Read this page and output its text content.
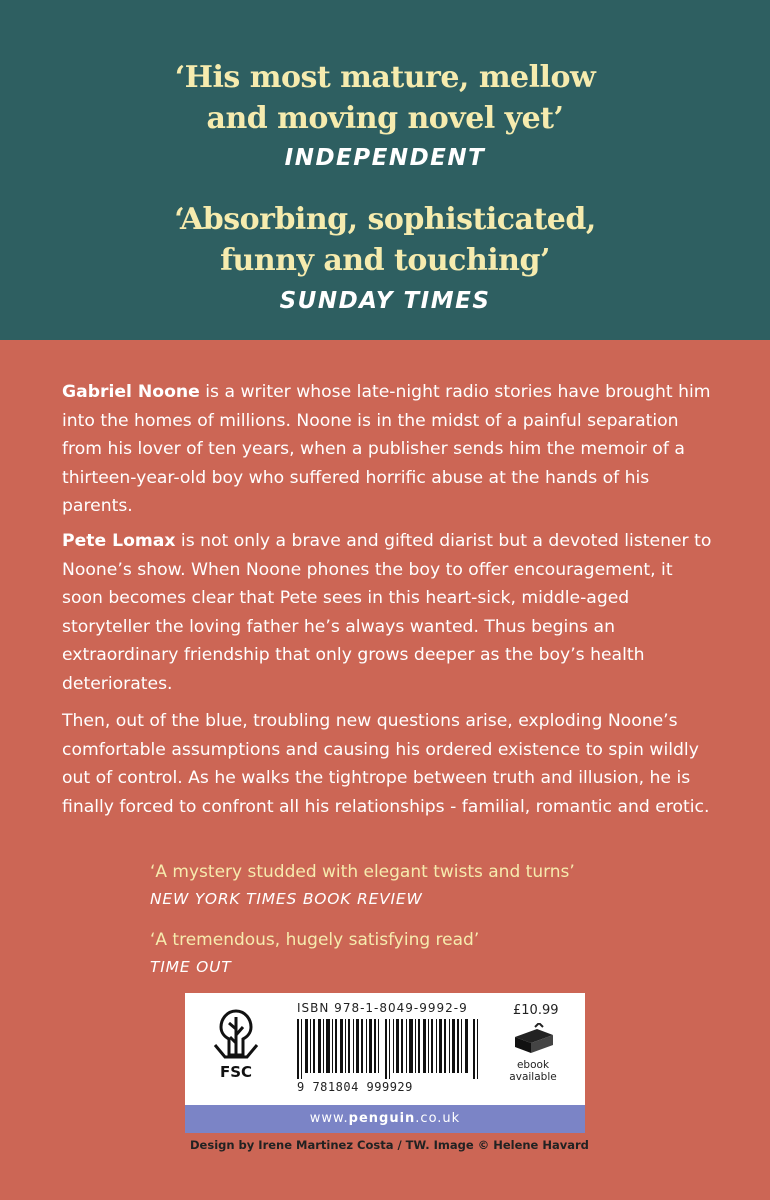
‘His most mature, mellow
and moving novel yet’
INDEPENDENT
‘Absorbing, sophisticated,
funny and touching’
SUNDAY TIMES
Gabriel Noone is a writer whose late-night radio stories have brought him into the homes of millions. Noone is in the midst of a painful separation from his lover of ten years, when a publisher sends him the memoir of a thirteen-year-old boy who suffered horrific abuse at the hands of his parents.
Pete Lomax is not only a brave and gifted diarist but a devoted listener to Noone’s show. When Noone phones the boy to offer encouragement, it soon becomes clear that Pete sees in this heart-sick, middle-aged storyteller the loving father he’s always wanted. Thus begins an extraordinary friendship that only grows deeper as the boy’s health deteriorates.
Then, out of the blue, troubling new questions arise, exploding Noone’s comfortable assumptions and causing his ordered existence to spin wildly out of control. As he walks the tightrope between truth and illusion, he is finally forced to confront all his relationships - familial, romantic and erotic.
‘A mystery studded with elegant twists and turns’
NEW YORK TIMES BOOK REVIEW
‘A tremendous, hugely satisfying read’
TIME OUT
FSC
ISBN 978-1-8049-9992-9
9 781804 999929
£10.99
ebook
available
www.penguin.co.uk
Design by Irene Martinez Costa / TW. Image © Helene Havard
